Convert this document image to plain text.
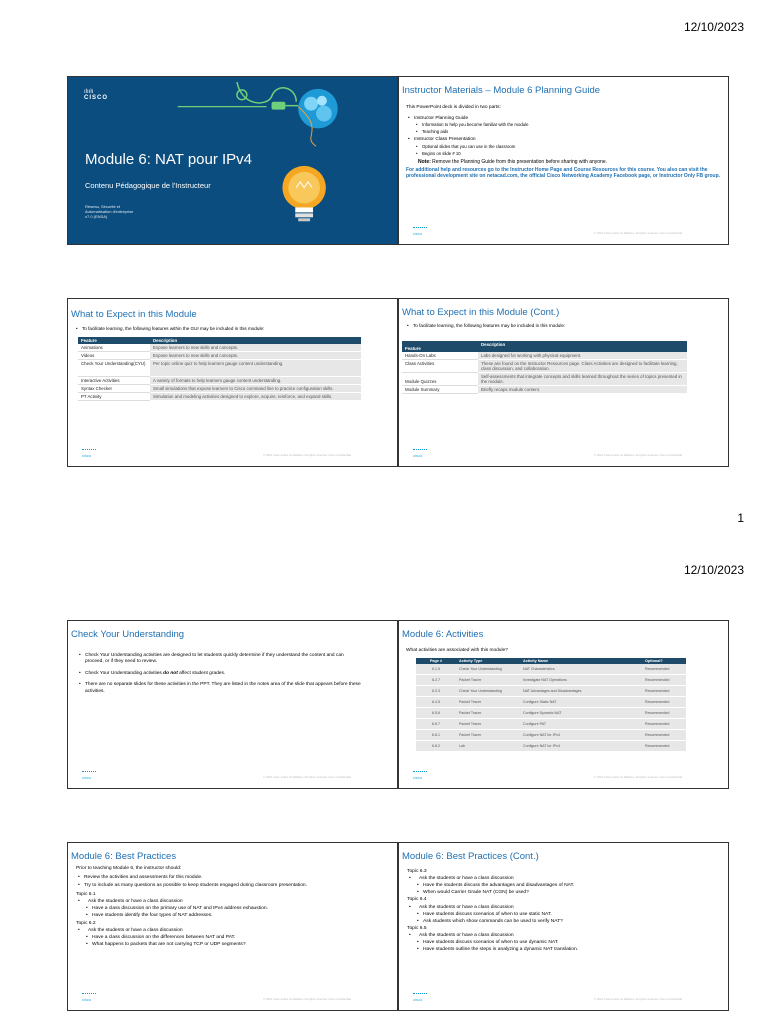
12/10/2023
ılıılı
CISCO
Module 6: NAT pour IPv4
Contenu Pédagogique de l'Instructeur
Réseau, Sécurité et
Automatisation d'entreprise
v7.0 (ENSA)
Instructor Materials – Module 6 Planning Guide
This PowerPoint deck is divided in two parts:
• Instructor Planning Guide
• Information to help you become familiar with the module
• Teaching aids
• Instructor Class Presentation
• Optional slides that you can use in the classroom
• Begins on slide # 10
Note: Remove the Planning Guide from this presentation before sharing with anyone.
For additional help and resources go to the Instructor Home Page and Course Resources for this course. You also can visit the professional development site on netacad.com, the official Cisco Networking Academy Facebook page, or Instructor Only FB group.
cisco	© 2016 Cisco and/or its affiliates. All rights reserved. Cisco Confidential
What to Expect in this Module
• To facilitate learning, the following features within the GUI may be included in this module:
Feature	Description
Animations	Expose learners to new skills and concepts.
Videos	Expose learners to new skills and concepts.
Check Your Understanding(CYU)	Per topic online quiz to help learners gauge content understanding.
Interactive Activities	A variety of formats to help learners gauge content understanding.
Syntax Checker	Small simulations that expose learners to Cisco command line to practice configuration skills.
PT Activity	Simulation and modeling activities designed to explore, acquire, reinforce, and expand skills.
cisco	© 2016 Cisco and/or its affiliates. All rights reserved. Cisco Confidential
What to Expect in this Module (Cont.)
• To facilitate learning, the following features may be included in this module:
Feature	Description
Hands-On Labs	Labs designed for working with physical equipment.
Class Activities	These are found on the Instructor Resources page. Class Activities are designed to facilitate learning, class discussion, and collaboration.
Module Quizzes	Self-assessments that integrate concepts and skills learned throughout the series of topics presented in the module.
Module Summary	Briefly recaps module content.
cisco	© 2016 Cisco and/or its affiliates. All rights reserved. Cisco Confidential
1
12/10/2023
Check Your Understanding
• Check Your Understanding activities are designed to let students quickly determine if they understand the content and can proceed, or if they need to review.
• Check Your Understanding activities do not affect student grades.
• There are no separate slides for these activities in the PPT. They are listed in the notes area of the slide that appears before these activities.
cisco	© 2016 Cisco and/or its affiliates. All rights reserved. Cisco Confidential
Module 6: Activities
What activities are associated with this module?
Page #	Activity Type	Activity Name	Optional?
6.1.5	Check Your Understanding	NAT Characteristics	Recommended
6.2.7	Packet Tracer	Investigate NAT Operations	Recommended
6.3.3	Check Your Understanding	NAT Advantages and Disadvantages	Recommended
6.4.5	Packet Tracer	Configure Static NAT	Recommended
6.5.6	Packet Tracer	Configure Dynamic NAT	Recommended
6.6.7	Packet Tracer	Configure PAT	Recommended
6.8.1	Packet Tracer	Configure NAT for IPv4	Recommended
6.8.2	Lab	Configure NAT for IPv4	Recommended
cisco	© 2016 Cisco and/or its affiliates. All rights reserved. Cisco Confidential
Module 6: Best Practices
Prior to teaching Module 6, the instructor should:
• Review the activities and assessments for this module.
• Try to include as many questions as possible to keep students engaged during classroom presentation.
Topic 6.1
• Ask the students or have a class discussion
• Have a class discussion on the primary use of NAT and IPv4 address exhaustion.
• Have students identify the four types of NAT addresses.
Topic 6.2
• Ask the students or have a class discussion
• Have a class discussion on the differences between NAT and PAT.
• What happens to packets that are not carrying TCP or UDP segments?
cisco	© 2016 Cisco and/or its affiliates. All rights reserved. Cisco Confidential
Module 6: Best Practices (Cont.)
Topic 6.3
• Ask the students or have a class discussion
• Have the students discuss the advantages and disadvantages of NAT.
• When would Carrier Grade NAT (CGN) be used?
Topic 6.4
• Ask the students or have a class discussion
• Have students discuss scenarios of when to use static NAT.
• Ask students which show commands can be used to verify NAT?
Topic 6.5
• Ask the students or have a class discussion
• Have students discuss scenarios of when to use dynamic NAT.
• Have students outline the steps in analyzing a dynamic NAT translation.
cisco	© 2016 Cisco and/or its affiliates. All rights reserved. Cisco Confidential
